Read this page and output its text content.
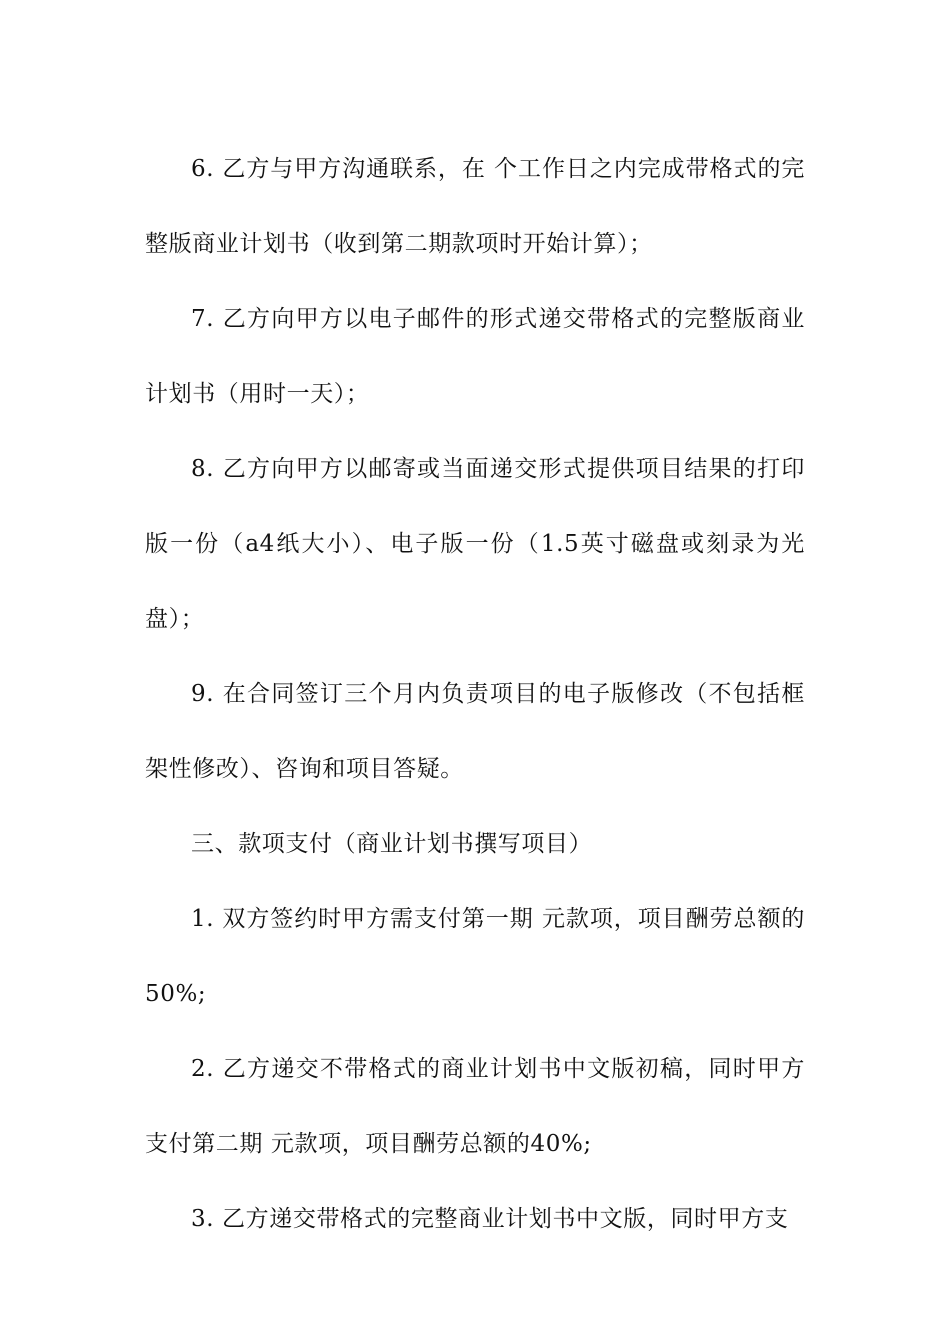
6. 乙方与甲方沟通联系，在 个工作日之内完成带格式的完整版商业计划书（收到第二期款项时开始计算）；

7. 乙方向甲方以电子邮件的形式递交带格式的完整版商业计划书（用时一天）；

8. 乙方向甲方以邮寄或当面递交形式提供项目结果的打印版一份（a4纸大小）、电子版一份（1.5英寸磁盘或刻录为光盘）；

9. 在合同签订三个月内负责项目的电子版修改（不包括框架性修改）、咨询和项目答疑。

三、款项支付（商业计划书撰写项目）

1. 双方签约时甲方需支付第一期 元款项，项目酬劳总额的50%;

2. 乙方递交不带格式的商业计划书中文版初稿，同时甲方支付第二期 元款项，项目酬劳总额的40%;

3. 乙方递交带格式的完整商业计划书中文版，同时甲方支
